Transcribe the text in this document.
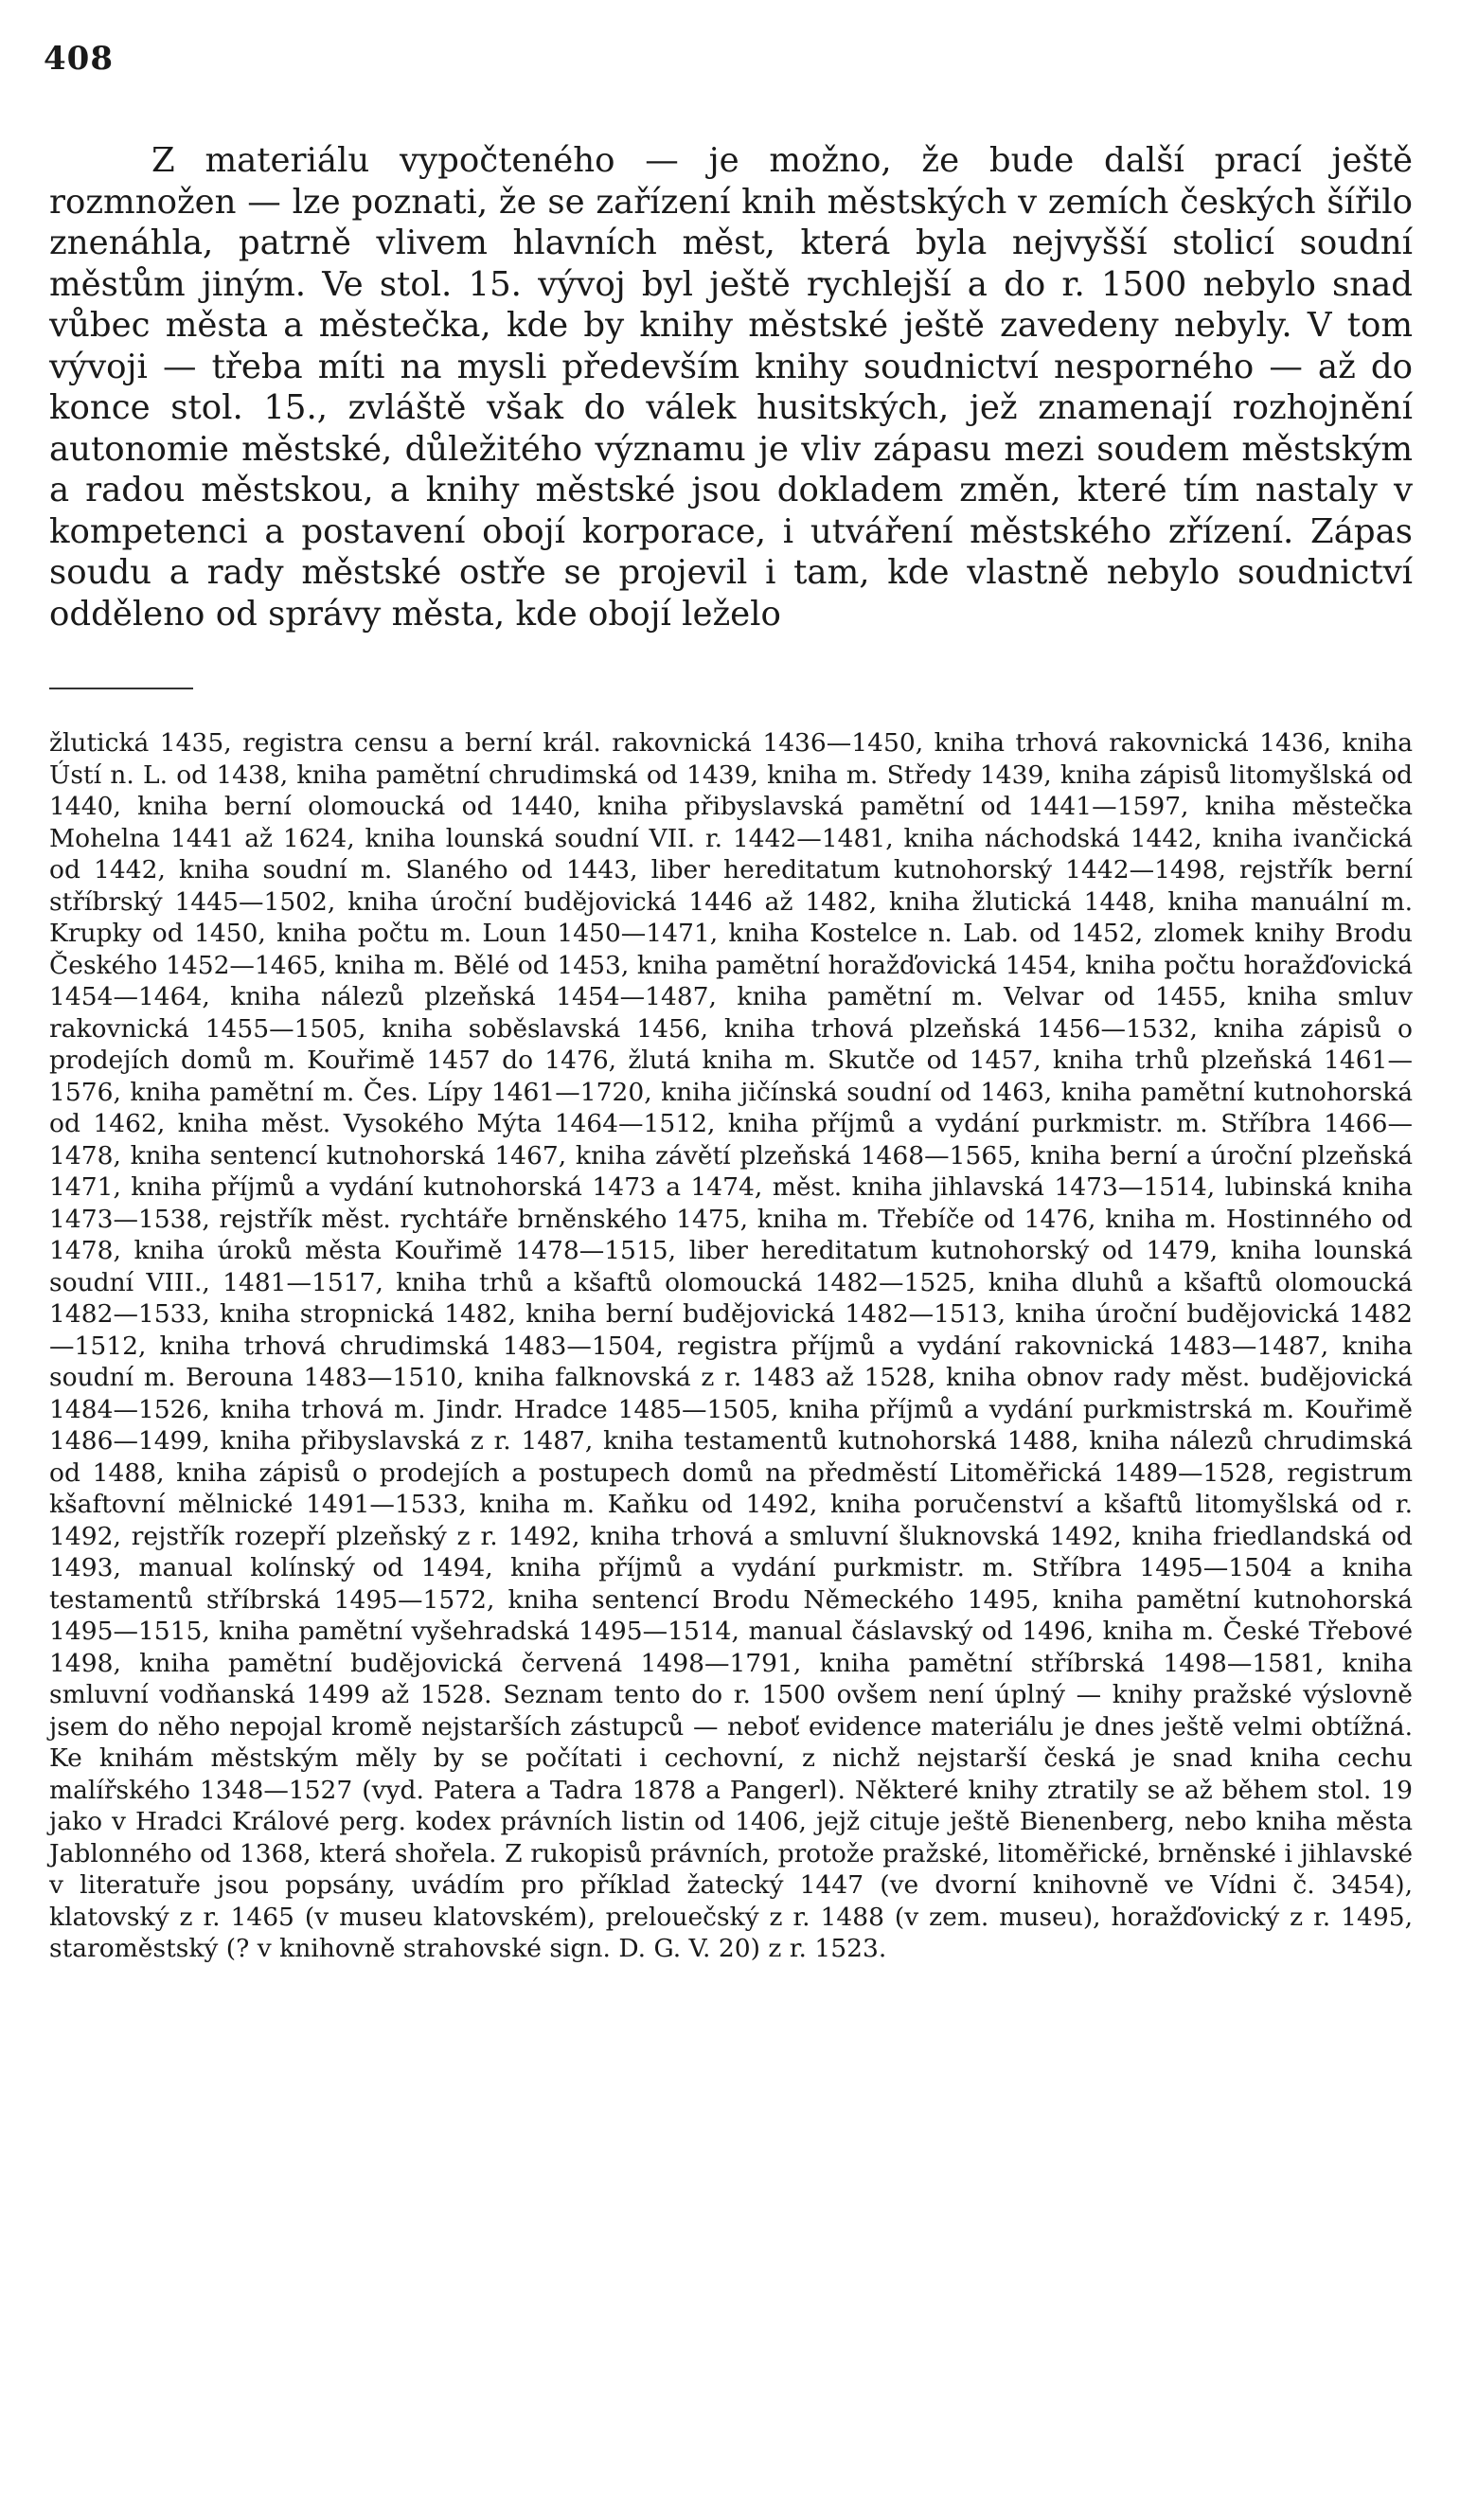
408

Z materiálu vypočteného — je možno, že bude další prací ještě rozmnožen — lze poznati, že se zařízení knih městských v zemích českých šířilo znenáhla, patrně vlivem hlavních měst, která byla nejvyšší stolicí soudní městům jiným. Ve stol. 15. vývoj byl ještě rychlejší a do r. 1500 nebylo snad vůbec města a městečka, kde by knihy městské ještě zavedeny nebyly. V tom vývoji — třeba míti na mysli především knihy soudnictví nesporného — až do konce stol. 15., zvláště však do válek husitských, jež znamenají rozhojnění autonomie městské, důležitého významu je vliv zápasu mezi soudem městským a radou městskou, a knihy městské jsou dokladem změn, které tím nastaly v kompetenci a postavení obojí korporace, i utváření městského zřízení. Zápas soudu a rady městské ostře se projevil i tam, kde vlastně nebylo soudnictví odděleno od správy města, kde obojí leželo

žlutická 1435, registra censu a berní král. rakovnická 1436—1450, kniha trhová rakovnická 1436, kniha Ústí n. L. od 1438, kniha pamětní chrudimská od 1439, kniha m. Středy 1439, kniha zápisů litomyšlská od 1440, kniha berní olomoucká od 1440, kniha přibyslavská pamětní od 1441—1597, kniha městečka Mohelna 1441 až 1624, kniha lounská soudní VII. r. 1442—1481, kniha náchodská 1442, kniha ivančická od 1442, kniha soudní m. Slaného od 1443, liber hereditatum kutnohorský 1442—1498, rejstřík berní stříbrský 1445—1502, kniha úroční budějovická 1446 až 1482, kniha žlutická 1448, kniha manuální m. Krupky od 1450, kniha počtu m. Loun 1450—1471, kniha Kostelce n. Lab. od 1452, zlomek knihy Brodu Českého 1452—1465, kniha m. Bělé od 1453, kniha pamětní horažďovická 1454, kniha počtu horažďovická 1454—1464, kniha nálezů plzeňská 1454—1487, kniha pamětní m. Velvar od 1455, kniha smluv rakovnická 1455—1505, kniha soběslavská 1456, kniha trhová plzeňská 1456—1532, kniha zápisů o prodejích domů m. Kouřimě 1457 do 1476, žlutá kniha m. Skutče od 1457, kniha trhů plzeňská 1461—1576, kniha pamětní m. Čes. Lípy 1461—1720, kniha jičínská soudní od 1463, kniha pamětní kutnohorská od 1462, kniha měst. Vysokého Mýta 1464—1512, kniha příjmů a vydání purkmistr. m. Stříbra 1466—1478, kniha sentencí kutnohorská 1467, kniha závětí plzeňská 1468—1565, kniha berní a úroční plzeňská 1471, kniha příjmů a vydání kutnohorská 1473 a 1474, měst. kniha jihlavská 1473—1514, lubinská kniha 1473—1538, rejstřík měst. rychtáře brněnského 1475, kniha m. Třebíče od 1476, kniha m. Hostinného od 1478, kniha úroků města Kouřimě 1478—1515, liber hereditatum kutnohorský od 1479, kniha lounská soudní VIII., 1481—1517, kniha trhů a kšaftů olomoucká 1482—1525, kniha dluhů a kšaftů olomoucká 1482—1533, kniha stropnická 1482, kniha berní budějovická 1482—1513, kniha úroční budějovická 1482—1512, kniha trhová chrudimská 1483—1504, registra příjmů a vydání rakovnická 1483—1487, kniha soudní m. Berouna 1483—1510, kniha falknovská z r. 1483 až 1528, kniha obnov rady měst. budějovická 1484—1526, kniha trhová m. Jindr. Hradce 1485—1505, kniha příjmů a vydání purkmistrská m. Kouřimě 1486—1499, kniha přibyslavská z r. 1487, kniha testamentů kutnohorská 1488, kniha nálezů chrudimská od 1488, kniha zápisů o prodejích a postupech domů na předměstí Litoměřická 1489—1528, registrum kšaftovní mělnické 1491—1533, kniha m. Kaňku od 1492, kniha poručenství a kšaftů litomyšlská od r. 1492, rejstřík rozepří plzeňský z r. 1492, kniha trhová a smluvní šluknovská 1492, kniha friedlandská od 1493, manual kolínský od 1494, kniha příjmů a vydání purkmistr. m. Stříbra 1495—1504 a kniha testamentů stříbrská 1495—1572, kniha sentencí Brodu Německého 1495, kniha pamětní kutnohorská 1495—1515, kniha pamětní vyšehradská 1495—1514, manual čáslavský od 1496, kniha m. České Třebové 1498, kniha pamětní budějovická červená 1498—1791, kniha pamětní stříbrská 1498—1581, kniha smluvní vodňanská 1499 až 1528. Seznam tento do r. 1500 ovšem není úplný — knihy pražské výslovně jsem do něho nepojal kromě nejstarších zástupců — neboť evidence materiálu je dnes ještě velmi obtížná. Ke knihám městským měly by se počítati i cechovní, z nichž nejstarší česká je snad kniha cechu malířského 1348—1527 (vyd. Patera a Tadra 1878 a Pangerl). Některé knihy ztratily se až během stol. 19 jako v Hradci Králové perg. kodex právních listin od 1406, jejž cituje ještě Bienenberg, nebo kniha města Jablonného od 1368, která shořela. Z rukopisů právních, protože pražské, litoměřické, brněnské i jihlavské v literatuře jsou popsány, uvádím pro příklad žatecký 1447 (ve dvorní knihovně ve Vídni č. 3454), klatovský z r. 1465 (v museu klatovském), prelouečský z r. 1488 (v zem. museu), horažďovický z r. 1495, staroměstský (? v knihovně strahovské sign. D. G. V. 20) z r. 1523.
